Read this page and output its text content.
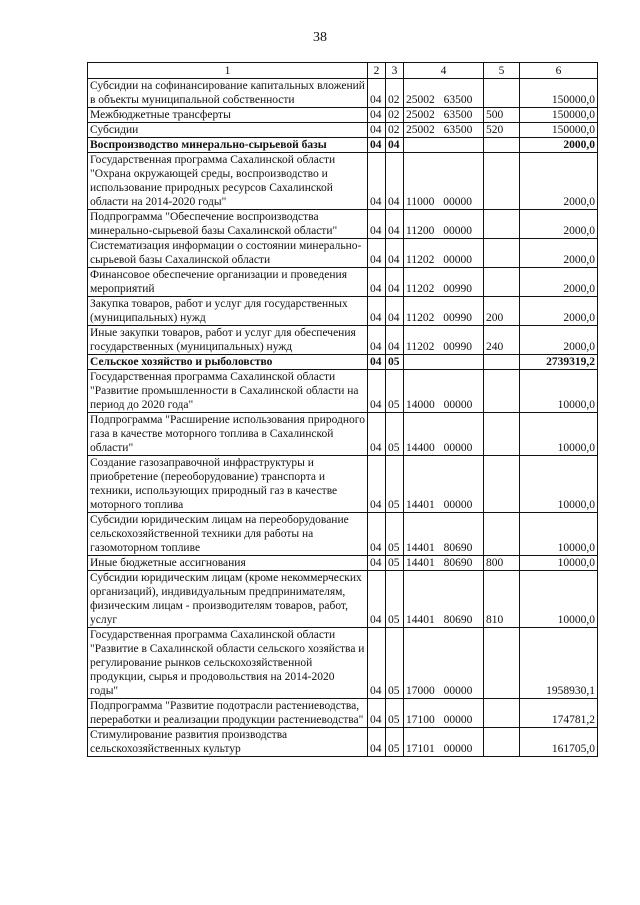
38
1	2	3	4	5	6
Субсидии на софинансирование капитальных вложений в объекты муниципальной собственности	04	02	25002 63500		150000,0
Межбюджетные трансферты	04	02	25002 63500	500	150000,0
Субсидии	04	02	25002 63500	520	150000,0
Воспроизводство минерально-сырьевой базы	04	04			2000,0
Государственная программа Сахалинской области "Охрана окружающей среды, воспроизводство и использование природных ресурсов Сахалинской области на 2014-2020 годы"	04	04	11000 00000		2000,0
Подпрограмма "Обеспечение воспроизводства минерально-сырьевой базы Сахалинской области"	04	04	11200 00000		2000,0
Систематизация информации о состоянии минерально-сырьевой базы Сахалинской области	04	04	11202 00000		2000,0
Финансовое обеспечение организации и проведения мероприятий	04	04	11202 00990		2000,0
Закупка товаров, работ и услуг для государственных (муниципальных) нужд	04	04	11202 00990	200	2000,0
Иные закупки товаров, работ и услуг для обеспечения государственных (муниципальных) нужд	04	04	11202 00990	240	2000,0
Сельское хозяйство и рыболовство	04	05			2739319,2
Государственная программа Сахалинской области "Развитие промышленности в Сахалинской области на период до 2020 года"	04	05	14000 00000		10000,0
Подпрограмма "Расширение использования природного газа в качестве моторного топлива в Сахалинской области"	04	05	14400 00000		10000,0
Создание газозаправочной инфраструктуры и приобретение (переоборудование) транспорта и техники, использующих природный газ в качестве моторного топлива	04	05	14401 00000		10000,0
Субсидии юридическим лицам на переоборудование сельскохозяйственной техники для работы на газомоторном топливе	04	05	14401 80690		10000,0
Иные бюджетные ассигнования	04	05	14401 80690	800	10000,0
Субсидии юридическим лицам (кроме некоммерческих организаций), индивидуальным предпринимателям, физическим лицам - производителям товаров, работ, услуг	04	05	14401 80690	810	10000,0
Государственная программа Сахалинской области "Развитие в Сахалинской области сельского хозяйства и регулирование рынков сельскохозяйственной продукции, сырья и продовольствия на 2014-2020 годы"	04	05	17000 00000		1958930,1
Подпрограмма "Развитие подотрасли растениеводства, переработки и реализации продукции растениеводства"	04	05	17100 00000		174781,2
Стимулирование развития производства сельскохозяйственных культур	04	05	17101 00000		161705,0
